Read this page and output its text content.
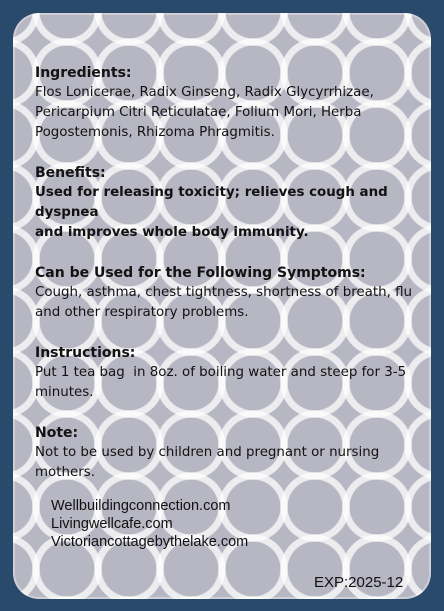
Ingredients:

Flos Lonicerae, Radix Ginseng, Radix Glycyrrhizae,

Pericarpium Citri Reticulatae, Folium Mori, Herba

Pogostemonis, Rhizoma Phragmitis.

Benefits:

Used for releasing toxicity; relieves cough and dyspnea

and improves whole body immunity.

Can be Used for the Following Symptoms:

Cough, asthma, chest tightness, shortness of breath, flu

and other respiratory problems.

Instructions:

Put 1 tea bag  in 8oz. of boiling water and steep for 3-5

minutes.

Note:

Not to be used by children and pregnant or nursing

mothers.

Wellbuildingconnection.com
Livingwellcafe.com
Victoriancottagebythelake.com
EXP:2025-12
